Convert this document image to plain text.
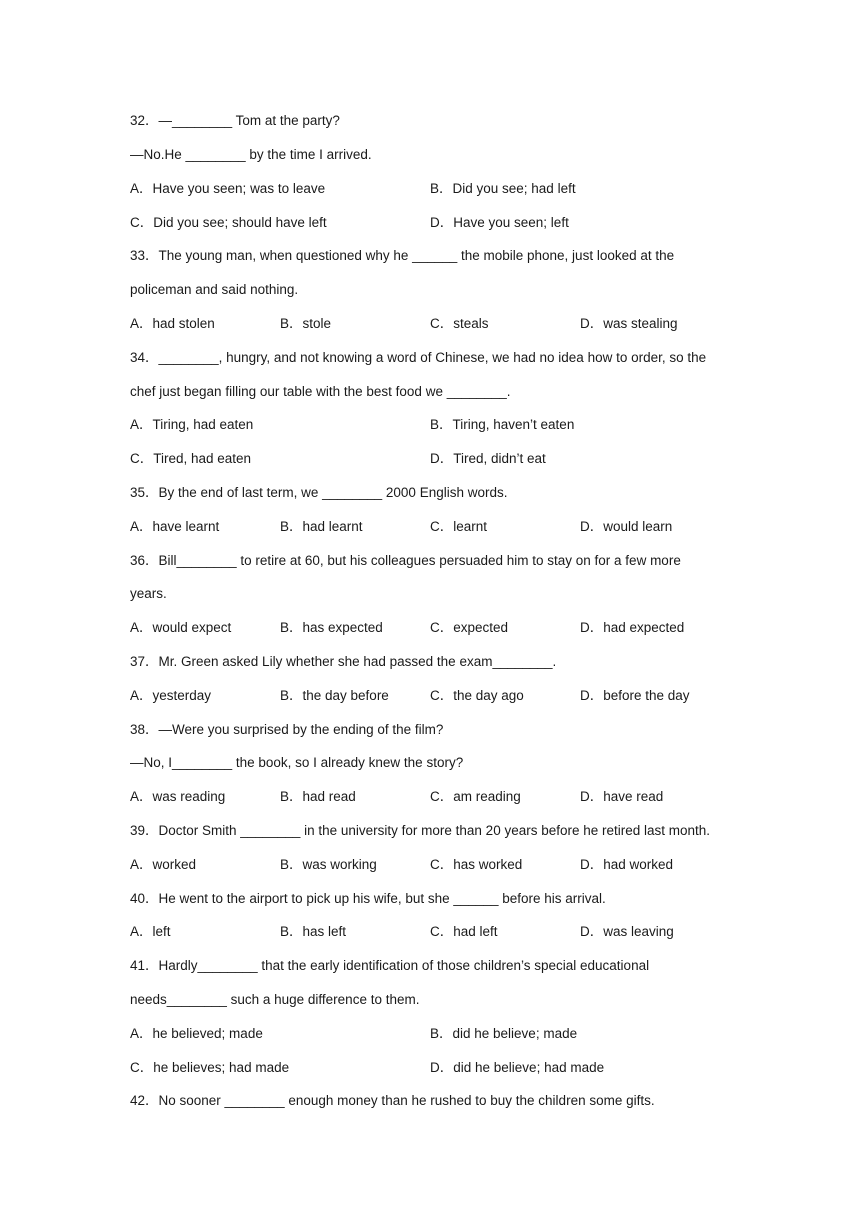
32．—________ Tom at the party?
—No.He ________ by the time I arrived.
A．Have you seen; was to leave	B．Did you see; had left
C．Did you see; should have left	D．Have you seen; left
33．The young man, when questioned why he ______ the mobile phone, just looked at the
policeman and said nothing.
A．had stolen	B．stole	C．steals	D．was stealing
34．________, hungry, and not knowing a word of Chinese, we had no idea how to order, so the
chef just began filling our table with the best food we ________.
A．Tiring, had eaten	B．Tiring, haven’t eaten
C．Tired, had eaten	D．Tired, didn’t eat
35．By the end of last term, we ________ 2000 English words.
A．have learnt	B．had learnt	C．learnt	D．would learn
36．Bill________ to retire at 60, but his colleagues persuaded him to stay on for a few more
years.
A．would expect	B．has expected	C．expected	D．had expected
37．Mr. Green asked Lily whether she had passed the exam________.
A．yesterday	B．the day before	C．the day ago	D．before the day
38．—Were you surprised by the ending of the film?
—No, I________ the book, so I already knew the story?
A．was reading	B．had read	C．am reading	D．have read
39．Doctor Smith ________ in the university for more than 20 years before he retired last month.
A．worked	B．was working	C．has worked	D．had worked
40．He went to the airport to pick up his wife, but she ______ before his arrival.
A．left	B．has left	C．had left	D．was leaving
41．Hardly________ that the early identification of those children’s special educational
needs________ such a huge difference to them.
A．he believed; made	B．did he believe; made
C．he believes; had made	D．did he believe; had made
42．No sooner ________ enough money than he rushed to buy the children some gifts.
